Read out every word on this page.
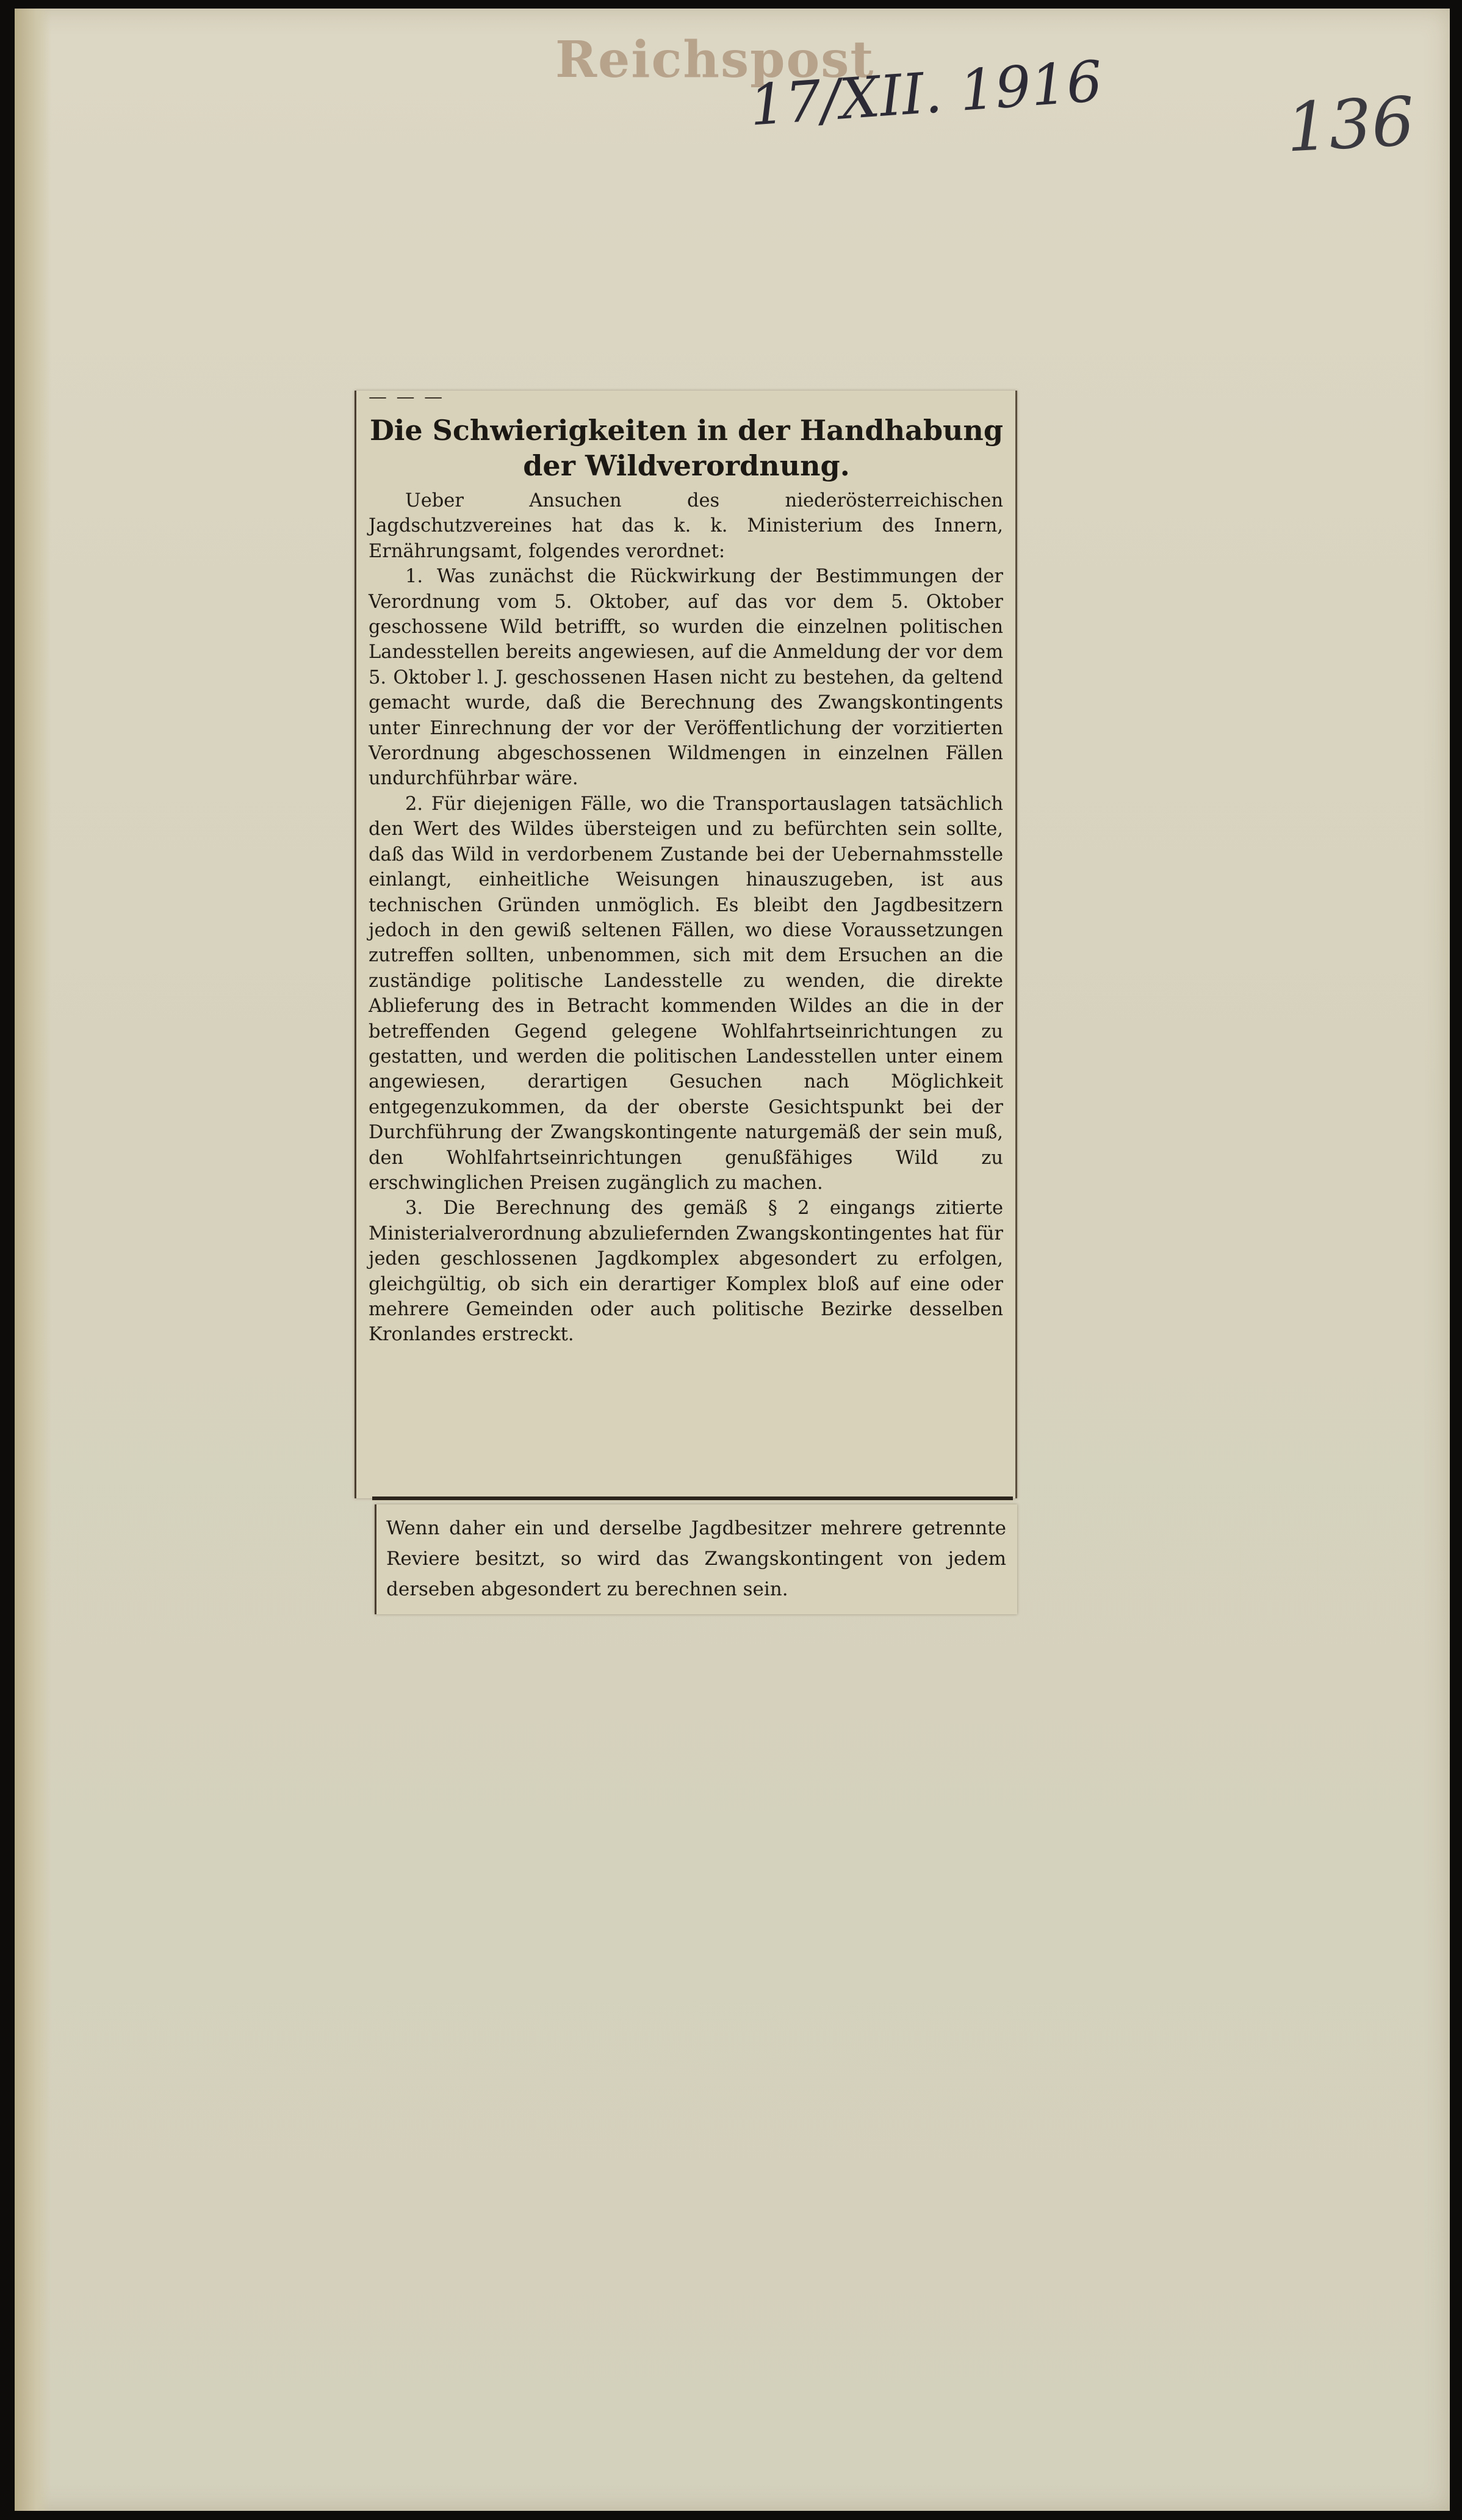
Reichspost
17/XII. 1916	136
— — —
Die Schwierigkeiten in der Handhabung der Wildverordnung.

Ueber Ansuchen des niederösterreichischen Jagdschutzvereines hat das k. k. Ministerium des Innern, Ernährungsamt, folgendes verordnet:

1. Was zunächst die Rückwirkung der Bestimmungen der Verordnung vom 5. Oktober, auf das vor dem 5. Oktober geschossene Wild betrifft, so wurden die einzelnen politischen Landesstellen bereits angewiesen, auf die Anmeldung der vor dem 5. Oktober l. J. geschossenen Hasen nicht zu bestehen, da geltend gemacht wurde, daß die Berechnung des Zwangskontingents unter Einrechnung der vor der Veröffentlichung der vorzitierten Verordnung abgeschossenen Wildmengen in einzelnen Fällen undurchführbar wäre.

2. Für diejenigen Fälle, wo die Transportauslagen tatsächlich den Wert des Wildes übersteigen und zu befürchten sein sollte, daß das Wild in verdorbenem Zustande bei der Uebernahmsstelle einlangt, einheitliche Weisungen hinauszugeben, ist aus technischen Gründen unmöglich. Es bleibt den Jagdbesitzern jedoch in den gewiß seltenen Fällen, wo diese Voraussetzungen zutreffen sollten, unbenommen, sich mit dem Ersuchen an die zuständige politische Landesstelle zu wenden, die direkte Ablieferung des in Betracht kommenden Wildes an die in der betreffenden Gegend gelegene Wohlfahrtseinrichtungen zu gestatten, und werden die politischen Landesstellen unter einem angewiesen, derartigen Gesuchen nach Möglichkeit entgegenzukommen, da der oberste Gesichtspunkt bei der Durchführung der Zwangskontingente naturgemäß der sein muß, den Wohlfahrtseinrichtungen genußfähiges Wild zu erschwinglichen Preisen zugänglich zu machen.

3. Die Berechnung des gemäß § 2 eingangs zitierte Ministerialverordnung abzuliefernden Zwangskontingentes hat für jeden geschlossenen Jagdkomplex abgesondert zu erfolgen, gleichgültig, ob sich ein derartiger Komplex bloß auf eine oder mehrere Gemeinden oder auch politische Bezirke desselben Kronlandes erstreckt.

Wenn daher ein und derselbe Jagdbesitzer mehrere getrennte Reviere besitzt, so wird das Zwangskontingent von jedem derseben abgesondert zu berechnen sein.
